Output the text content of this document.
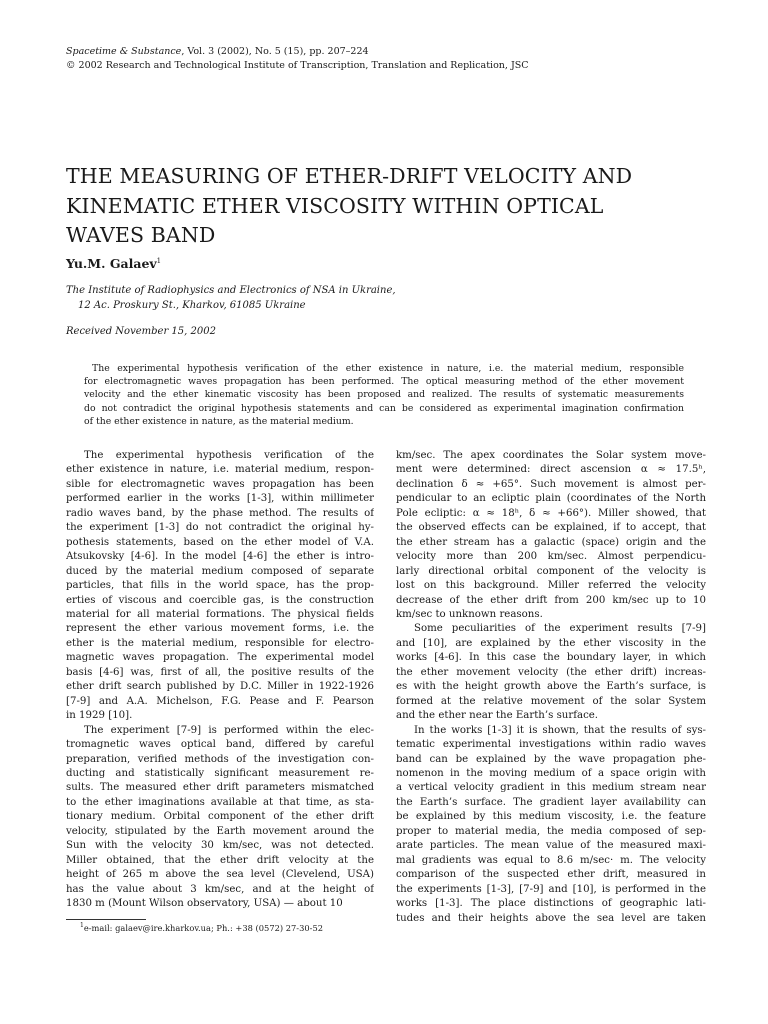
Spacetime & Substance, Vol. 3 (2002), No. 5 (15), pp. 207–224
© 2002 Research and Technological Institute of Transcription, Translation and Replication, JSC
THE MEASURING OF ETHER-DRIFT VELOCITY AND
KINEMATIC ETHER VISCOSITY WITHIN OPTICAL
WAVES BAND
Yu.M. Galaev$^1$
The Institute of Radiophysics and Electronics of NSA in Ukraine,
12 Ac. Proskury St., Kharkov, 61085 Ukraine
Received November 15, 2002
The experimental hypothesis verification of the ether existence in nature, i.e. the material medium, responsible
for electromagnetic waves propagation has been performed. The optical measuring method of the ether movement
velocity and the ether kinematic viscosity has been proposed and realized. The results of systematic measurements
do not contradict the original hypothesis statements and can be considered as experimental imagination confirmation
of the ether existence in nature, as the material medium.
The experimental hypothesis verification of the
ether existence in nature, i.e. material medium, respon-
sible for electromagnetic waves propagation has been
performed earlier in the works [1-3], within millimeter
radio waves band, by the phase method. The results of
the experiment [1-3] do not contradict the original hy-
pothesis statements, based on the ether model of V.A.
Atsukovsky [4-6]. In the model [4-6] the ether is intro-
duced by the material medium composed of separate
particles, that fills in the world space, has the prop-
erties of viscous and coercible gas, is the construction
material for all material formations. The physical fields
represent the ether various movement forms, i.e. the
ether is the material medium, responsible for electro-
magnetic waves propagation. The experimental model
basis [4-6] was, first of all, the positive results of the
ether drift search published by D.C. Miller in 1922-1926
[7-9] and A.A. Michelson, F.G. Pease and F. Pearson
in 1929 [10].
The experiment [7-9] is performed within the elec-
tromagnetic waves optical band, differed by careful
preparation, verified methods of the investigation con-
ducting and statistically significant measurement re-
sults. The measured ether drift parameters mismatched
to the ether imaginations available at that time, as sta-
tionary medium. Orbital component of the ether drift
velocity, stipulated by the Earth movement around the
Sun with the velocity 30 km/sec, was not detected.
Miller obtained, that the ether drift velocity at the
height of 265 m above the sea level (Clevelend, USA)
has the value about 3 km/sec, and at the height of
1830 m (Mount Wilson observatory, USA) — about 10
km/sec. The apex coordinates the Solar system move-
ment were determined: direct ascension α ≈ 17.5ʰ,
declination δ ≈ +65°. Such movement is almost per-
pendicular to an ecliptic plain (coordinates of the North
Pole ecliptic: α ≈ 18ʰ, δ ≈ +66°). Miller showed, that
the observed effects can be explained, if to accept, that
the ether stream has a galactic (space) origin and the
velocity more than 200 km/sec. Almost perpendicu-
larly directional orbital component of the velocity is
lost on this background. Miller referred the velocity
decrease of the ether drift from 200 km/sec up to 10
km/sec to unknown reasons.
Some peculiarities of the experiment results [7-9]
and [10], are explained by the ether viscosity in the
works [4-6]. In this case the boundary layer, in which
the ether movement velocity (the ether drift) increas-
es with the height growth above the Earth’s surface, is
formed at the relative movement of the solar System
and the ether near the Earth’s surface.
In the works [1-3] it is shown, that the results of sys-
tematic experimental investigations within radio waves
band can be explained by the wave propagation phe-
nomenon in the moving medium of a space origin with
a vertical velocity gradient in this medium stream near
the Earth’s surface. The gradient layer availability can
be explained by this medium viscosity, i.e. the feature
proper to material media, the media composed of sep-
arate particles. The mean value of the measured maxi-
mal gradients was equal to 8.6 m/sec· m. The velocity
comparison of the suspected ether drift, measured in
the experiments [1-3], [7-9] and [10], is performed in the
works [1-3]. The place distinctions of geographic lati-
tudes and their heights above the sea level are taken
$^1$e-mail: galaev@ire.kharkov.ua; Ph.: +38 (0572) 27-30-52
